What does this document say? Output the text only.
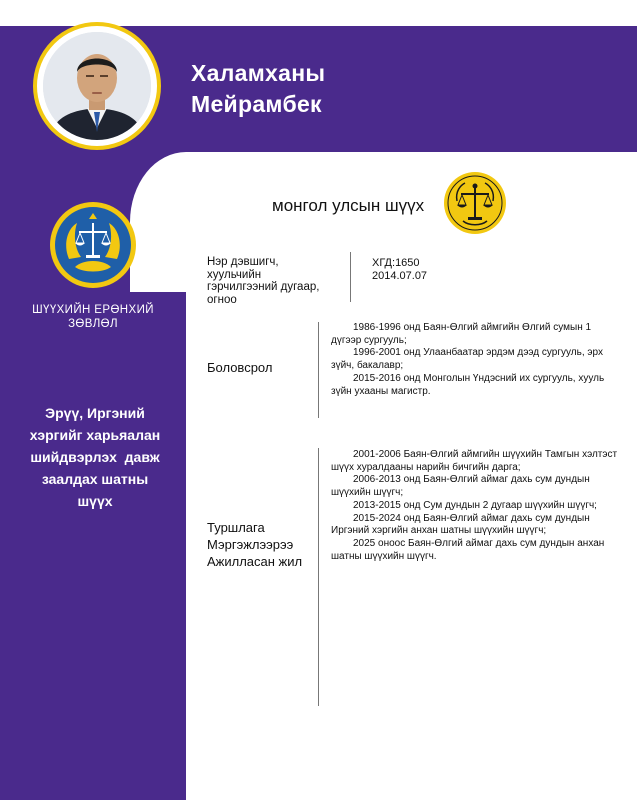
Халамханы
Мейрамбек
монгол улсын шүүх
ШҮҮХИЙН ЕРӨНХИЙ
ЗӨВЛӨЛ
Эрүү, Иргэний
хэргийг харьяалан
шийдвэрлэх  давж
заалдах шатны
шүүх
Нэр дэвшигч,
хуульчийн
гэрчилгээний дугаар,
огноо
ХГД:1650
2014.07.07
Боловсрол
1986-1996 онд Баян-Өлгий аймгийн Өлгий сумын 1 дүгээр сургууль;
1996-2001 онд Улаанбаатар эрдэм дээд сургууль, эрх зүйч, бакалавр;
2015-2016 онд Монголын Үндэсний их сургууль, хууль зүйн ухааны магистр.
Туршлага
Мэргэжлээрээ
Ажилласан жил
2001-2006 Баян-Өлгий аймгийн шүүхийн Тамгын хэлтэст шүүх хуралдааны нарийн бичгийн дарга;
2006-2013 онд Баян-Өлгий аймаг дахь сум дундын шүүхийн шүүгч;
2013-2015 онд Сум дундын 2 дугаар шүүхийн шүүгч;
2015-2024 онд Баян-Өлгий аймаг дахь сум дундын Иргэний хэргийн анхан шатны шүүхийн шүүгч;
2025 оноос Баян-Өлгий аймаг дахь сум дундын анхан шатны шүүхийн шүүгч.
